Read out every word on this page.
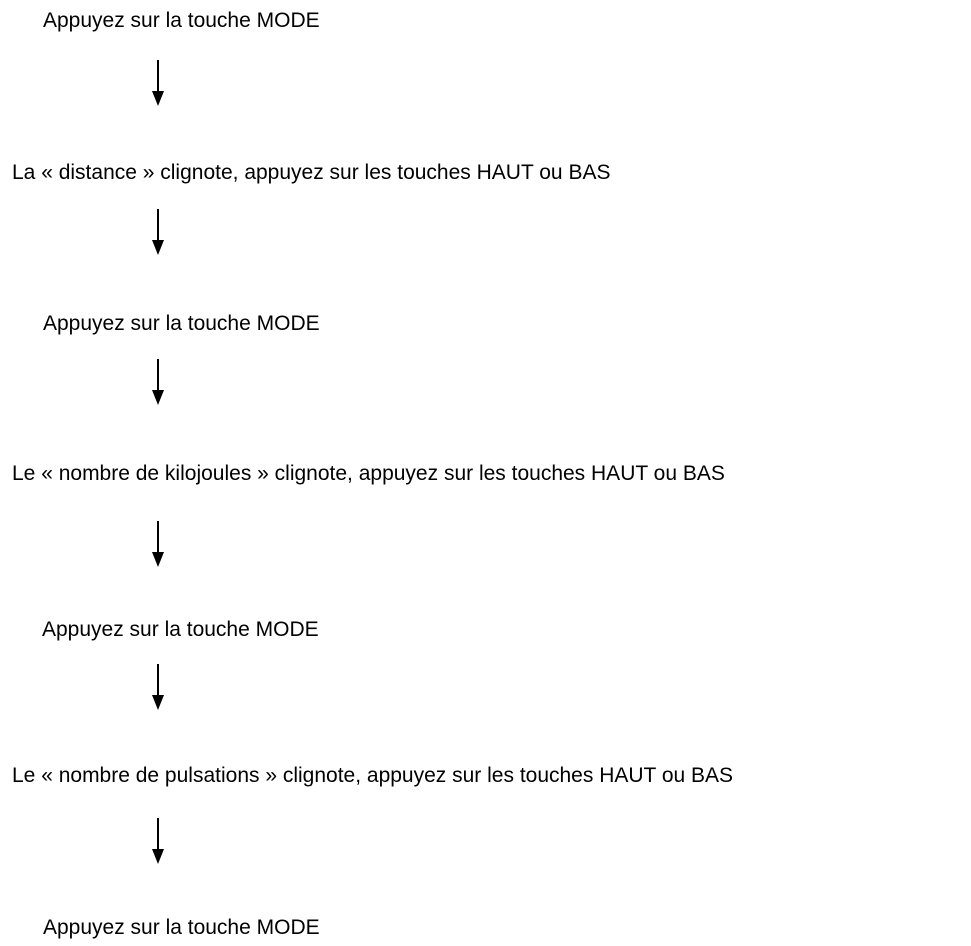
Appuyez sur la touche MODE
La « distance » clignote, appuyez sur les touches HAUT ou BAS
Appuyez sur la touche MODE
Le « nombre de kilojoules » clignote, appuyez sur les touches HAUT ou BAS
Appuyez sur la touche MODE
Le « nombre de pulsations » clignote, appuyez sur les touches HAUT ou BAS
Appuyez sur la touche MODE
